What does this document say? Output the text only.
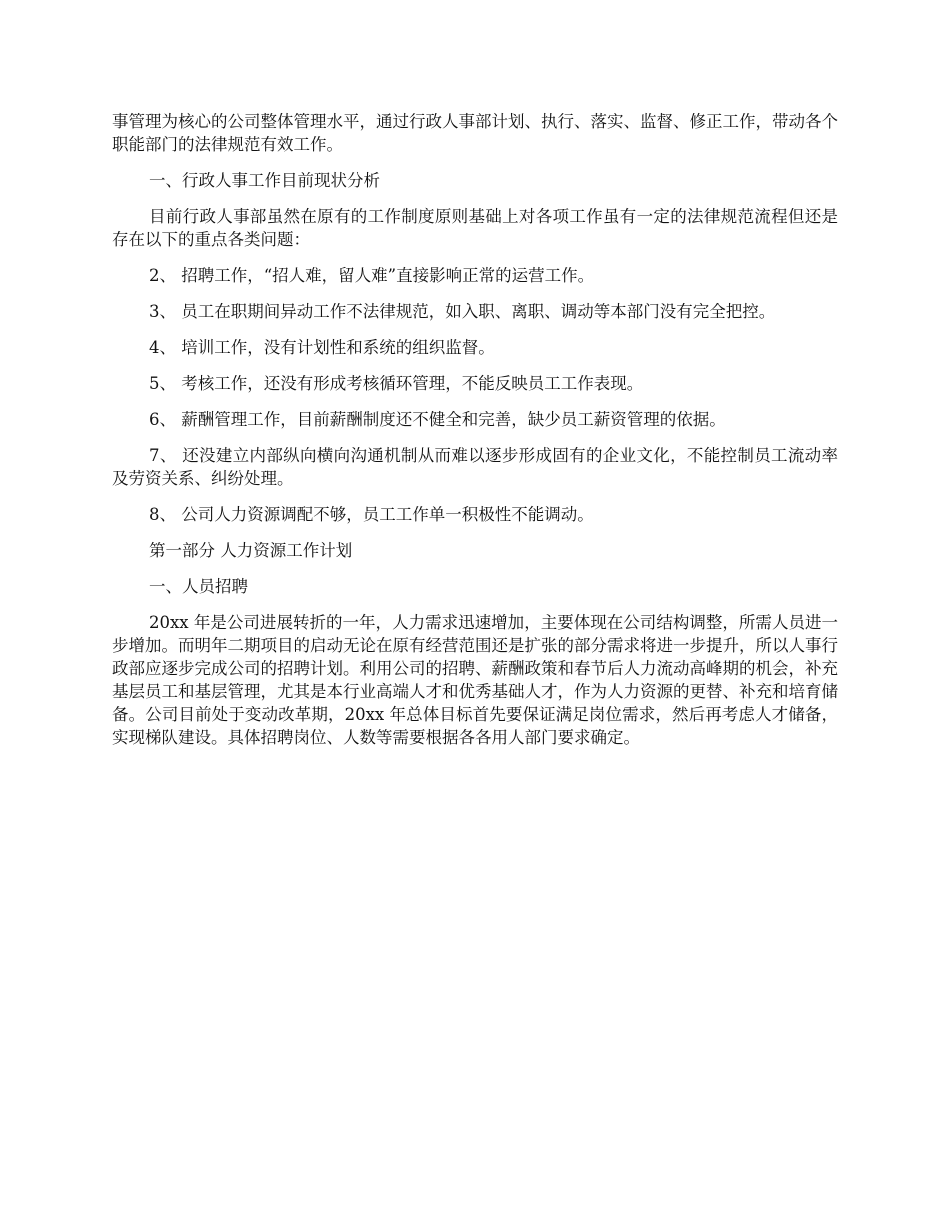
事管理为核心的公司整体管理水平，通过行政人事部计划、执行、落实、监督、修正工作，带动各个职能部门的法律规范有效工作。

一、行政人事工作目前现状分析

目前行政人事部虽然在原有的工作制度原则基础上对各项工作虽有一定的法律规范流程但还是存在以下的重点各类问题：

2、 招聘工作，“招人难，留人难”直接影响正常的运营工作。

3、 员工在职期间异动工作不法律规范，如入职、离职、调动等本部门没有完全把控。

4、 培训工作，没有计划性和系统的组织监督。

5、 考核工作，还没有形成考核循环管理，不能反映员工工作表现。

6、 薪酬管理工作，目前薪酬制度还不健全和完善，缺少员工薪资管理的依据。

7、 还没建立内部纵向横向沟通机制从而难以逐步形成固有的企业文化，不能控制员工流动率及劳资关系、纠纷处理。

8、 公司人力资源调配不够，员工工作单一积极性不能调动。

第一部分 人力资源工作计划

一、人员招聘

20xx 年是公司进展转折的一年，人力需求迅速增加，主要体现在公司结构调整，所需人员进一步增加。而明年二期项目的启动无论在原有经营范围还是扩张的部分需求将进一步提升，所以人事行政部应逐步完成公司的招聘计划。利用公司的招聘、薪酬政策和春节后人力流动高峰期的机会，补充基层员工和基层管理，尤其是本行业高端人才和优秀基础人才，作为人力资源的更替、补充和培育储备。公司目前处于变动改革期，20xx 年总体目标首先要保证满足岗位需求，然后再考虑人才储备，实现梯队建设。具体招聘岗位、人数等需要根据各各用人部门要求确定。
